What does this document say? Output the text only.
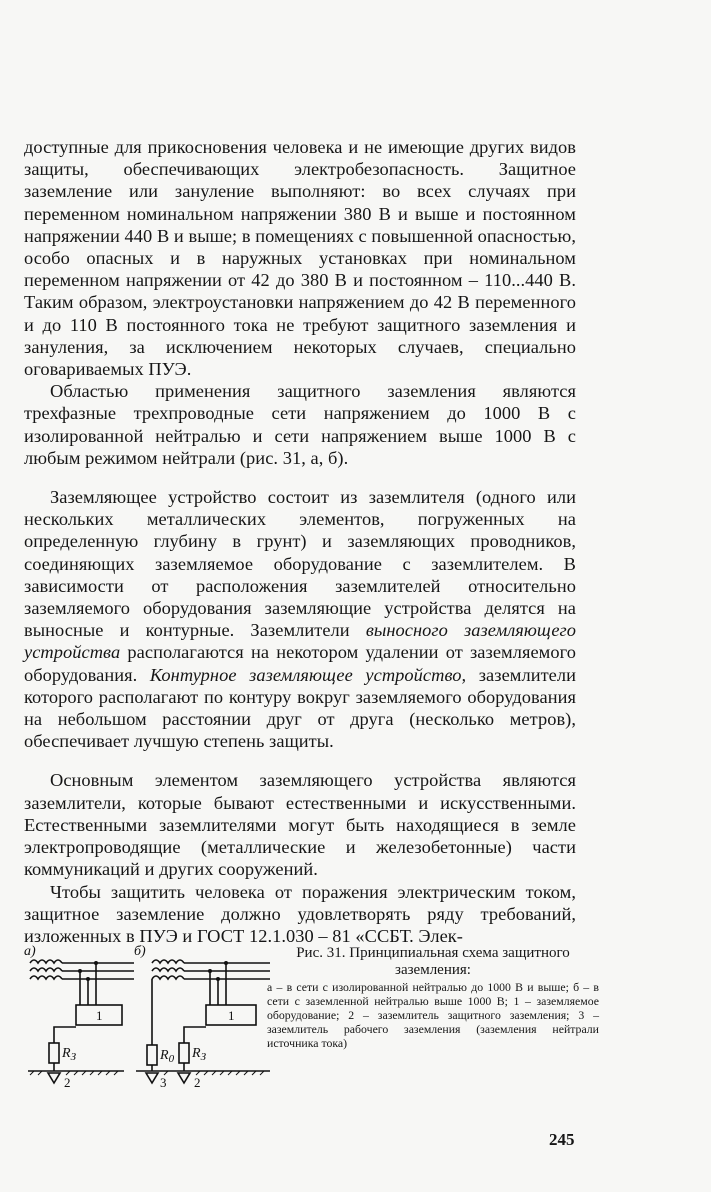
доступные для прикосновения человека и не имеющие других видов защиты, обеспечивающих электробезопасность. Защитное заземление или зануление выполняют: во всех случаях при переменном номинальном напряжении 380 В и выше и постоянном напряжении 440 В и выше; в помещениях с повышенной опасностью, особо опасных и в наружных установках при номинальном переменном напряжении от 42 до 380 В и постоянном – 110...440 В. Таким образом, электроустановки напряжением до 42 В переменного и до 110 В постоянного тока не требуют защитного заземления и зануления, за исключением некоторых случаев, специально оговариваемых ПУЭ.

Областью применения защитного заземления являются трехфазные трехпроводные сети напряжением до 1000 В с изолированной нейтралью и сети напряжением выше 1000 В с любым режимом нейтрали (рис. 31, а, б).

Заземляющее устройство состоит из заземлителя (одного или нескольких металлических элементов, погруженных на определенную глубину в грунт) и заземляющих проводников, соединяющих заземляемое оборудование с заземлителем. В зависимости от расположения заземлителей относительно заземляемого оборудования заземляющие устройства делятся на выносные и контурные. Заземлители выносного заземляющего устройства располагаются на некотором удалении от заземляемого оборудования. Контурное заземляющее устройство, заземлители которого располагают по контуру вокруг заземляемого оборудования на небольшом расстоянии друг от друга (несколько метров), обеспечивает лучшую степень защиты.

Основным элементом заземляющего устройства являются заземлители, которые бывают естественными и искусственными. Естественными заземлителями могут быть находящиеся в земле электропроводящие (металлические и железобетонные) части коммуникаций и других сооружений.

Чтобы защитить человека от поражения электрическим током, защитное заземление должно удовлетворять ряду требований, изложенных в ПУЭ и ГОСТ 12.1.030 – 81 «ССБТ. Элек-

а)	б)
1	1
$R_З$	$R_З$
$R_0$
2	2
3
Рис. 31. Принципиальная схема защитного заземления:
а – в сети с изолированной нейтралью до 1000 В и выше; б – в сети с заземленной нейтралью выше 1000 В; 1 – заземляемое оборудование; 2 – заземлитель защитного заземления; 3 – заземлитель рабочего заземления (заземления нейтрали источника тока)
245
